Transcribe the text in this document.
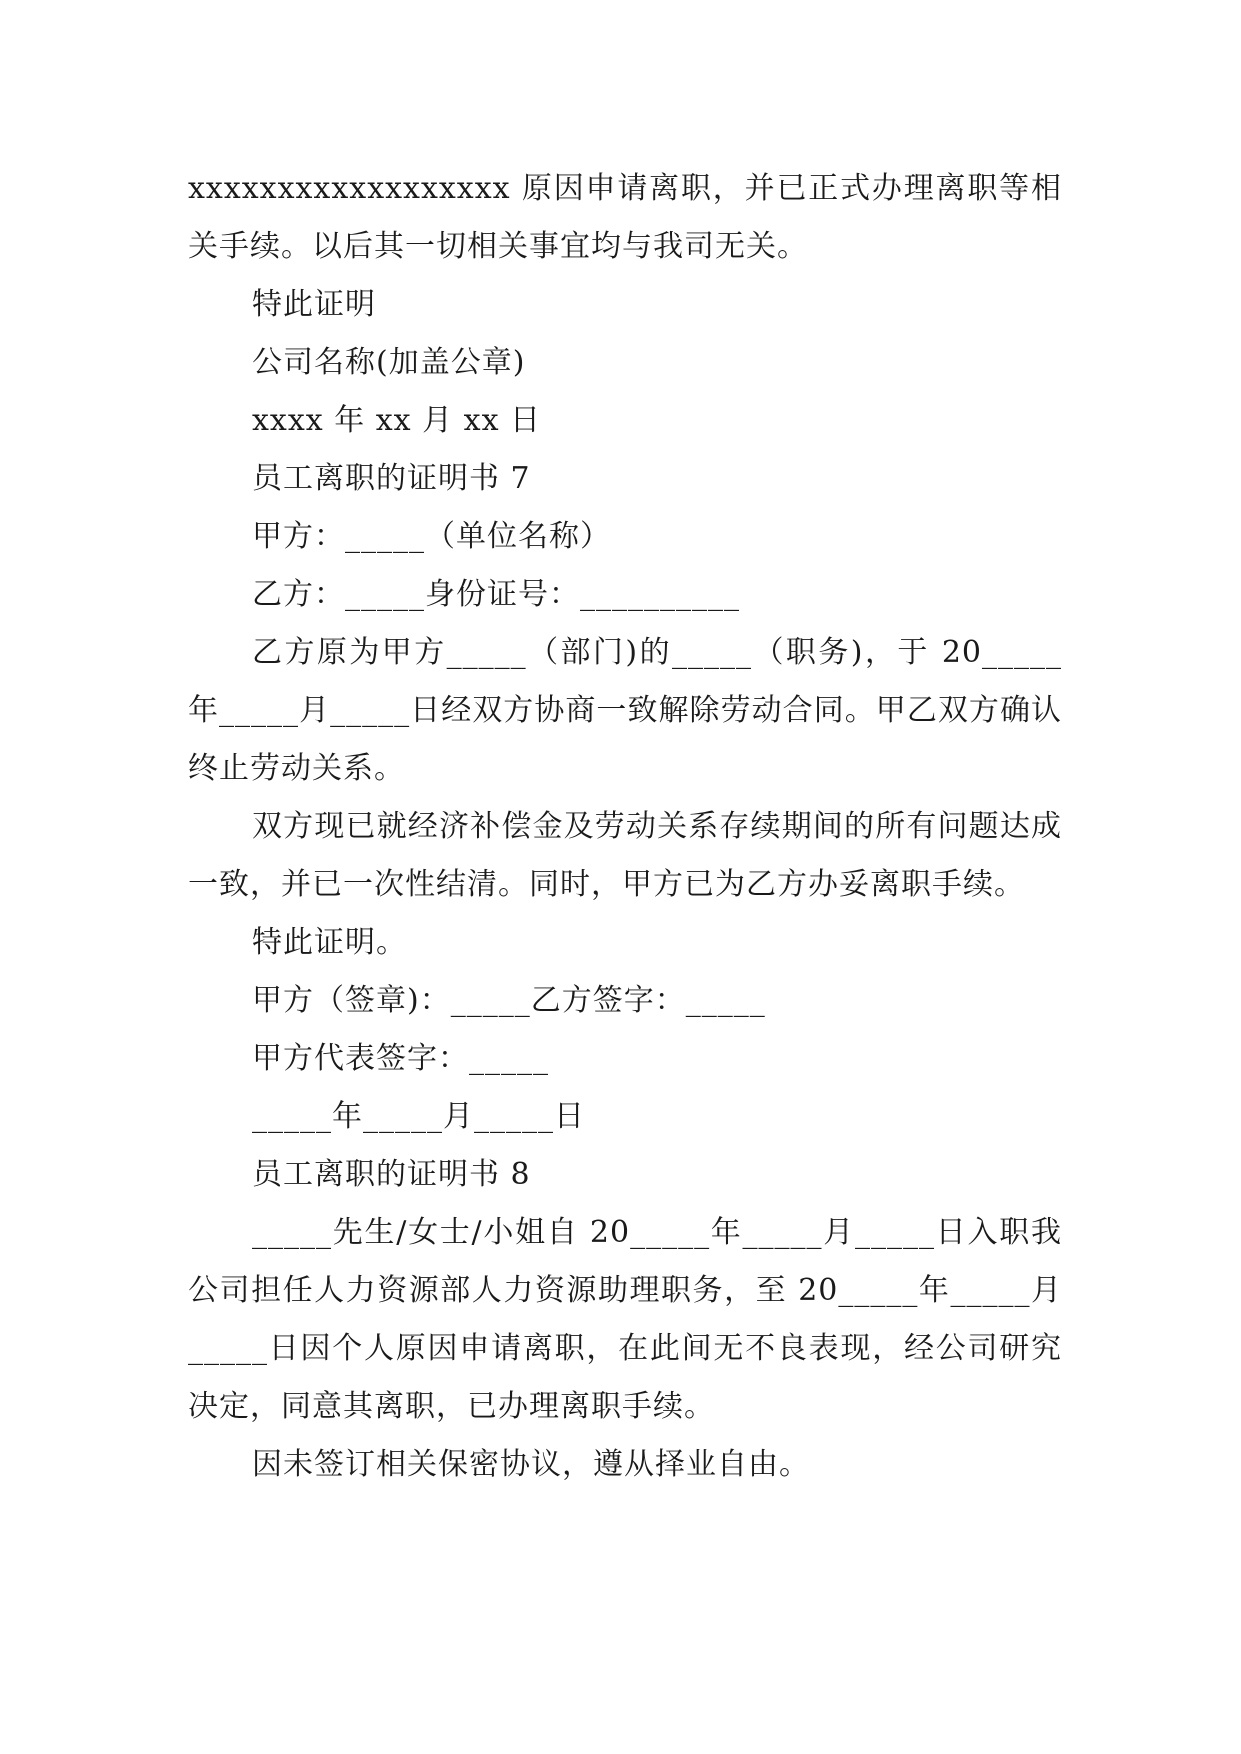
xxxxxxxxxxxxxxxxxx 原因申请离职，并已正式办理离职等相关手续。以后其一切相关事宜均与我司无关。

特此证明

公司名称(加盖公章)

xxxx 年 xx 月 xx 日

员工离职的证明书 7

甲方：_____（单位名称）

乙方：_____身份证号：__________

乙方原为甲方_____（部门)的_____（职务)，于 20_____年_____月_____日经双方协商一致解除劳动合同。甲乙双方确认终止劳动关系。

双方现已就经济补偿金及劳动关系存续期间的所有问题达成一致，并已一次性结清。同时，甲方已为乙方办妥离职手续。

特此证明。

甲方（签章)：_____乙方签字：_____

甲方代表签字：_____

_____年_____月_____日

员工离职的证明书 8

_____先生/女士/小姐自 20_____年_____月_____日入职我公司担任人力资源部人力资源助理职务，至 20_____年_____月_____日因个人原因申请离职，在此间无不良表现，经公司研究决定，同意其离职，已办理离职手续。

因未签订相关保密协议，遵从择业自由。
